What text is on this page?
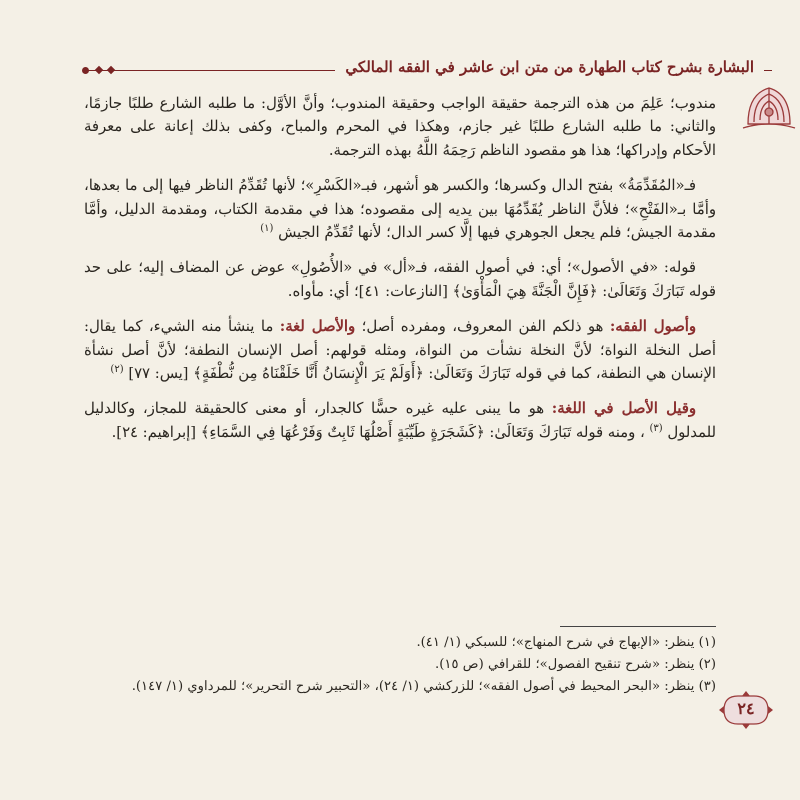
البشارة بشرح كتاب الطهارة من متن ابن عاشر في الفقه المالكي

مندوب؛ عَلِمَ من هذه الترجمة حقيقة الواجب وحقيقة المندوب؛ وأنَّ الأوَّل: ما طلبه الشارع طلبًا جازمًا، والثاني: ما طلبه الشارع طلبًا غير جازم، وهكذا في المحرم والمباح، وكفى بذلك إعانة على معرفة الأحكام وإدراكها؛ هذا هو مقصود الناظم رَحِمَهُ اللَّهُ بهذه الترجمة.

فـ«المُقَدِّمَةُ» بفتح الدال وكسرها؛ والكسر هو أشهر، فبـ«الكَسْرِ»؛ لأنها تُقَدِّمُ الناظر فيها إلى ما بعدها، وأمَّا بـ«الفَتْحِ»؛ فلأنَّ الناظر يُقَدِّمُهَا بين يديه إلى مقصوده؛ هذا في مقدمة الكتاب، ومقدمة الدليل، وأمَّا مقدمة الجيش؛ فلم يجعل الجوهري فيها إلَّا كسر الدال؛ لأنها تُقَدِّمُ الجيش $^{(١)}$

قوله: «في الأصول»؛ أي: في أصول الفقه، فـ«أل» في «الأُصُولِ» عوض عن المضاف إليه؛ على حد قوله تَبَارَكَ وَتَعَالَىٰ: ﴿فَإِنَّ الْجَنَّةَ هِيَ الْمَأْوَىٰ﴾ [النازعات: ٤١]؛ أي: مأواه.

وأصول الفقه: هو ذلكم الفن المعروف، ومفرده أصل؛ والأصل لغة: ما ينشأ منه الشيء، كما يقال: أصل النخلة النواة؛ لأنَّ النخلة نشأت من النواة، ومثله قولهم: أصل الإنسان النطفة؛ لأنَّ أصل نشأة الإنسان هي النطفة، كما في قوله تَبَارَكَ وَتَعَالَىٰ: ﴿أَوَلَمْ يَرَ الْإِنسَانُ أَنَّا خَلَقْنَاهُ مِن نُّطْفَةٍ﴾ [يس: ٧٧] $^{(٢)}$

وقيل الأصل في اللغة: هو ما يبنى عليه غيره حسًّا كالجدار، أو معنى كالحقيقة للمجاز، وكالدليل للمدلول $^{(٣)}$ ، ومنه قوله تَبَارَكَ وَتَعَالَىٰ: ﴿كَشَجَرَةٍ طَيِّبَةٍ أَصْلُهَا ثَابِتٌ وَفَرْعُهَا فِي السَّمَاءِ﴾ [إبراهيم: ٢٤].

(١) ينظر: «الإبهاج في شرح المنهاج»؛ للسبكي (١/ ٤١).

(٢) ينظر: «شرح تنقيح الفصول»؛ للقرافي (ص ١٥).

(٣) ينظر: «البحر المحيط في أصول الفقه»؛ للزركشي (١/ ٢٤)، «التحبير شرح التحرير»؛ للمرداوي (١/ ١٤٧).

٢٤
